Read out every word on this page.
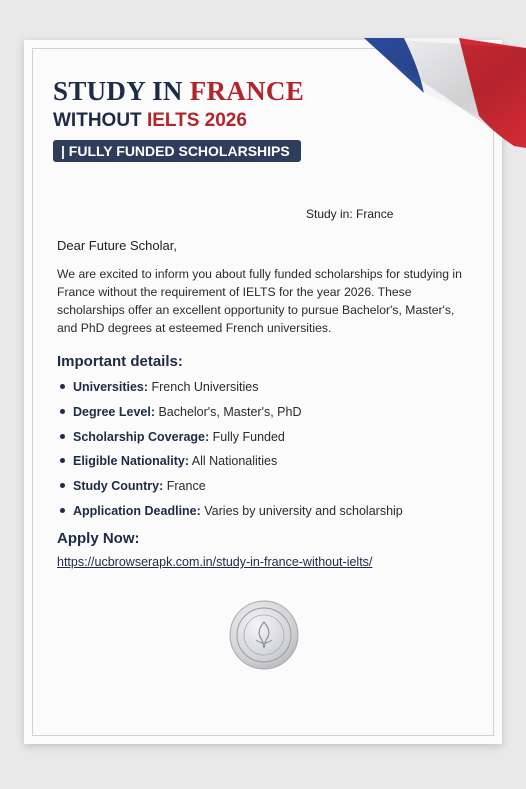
STUDY IN FRANCE
WITHOUT IELTS 2026
| FULLY FUNDED SCHOLARSHIPS
Study in: France
Dear Future Scholar,
We are excited to inform you about fully funded scholarships for studying in France without the requirement of IELTS for the year 2026. These scholarships offer an excellent opportunity to pursue Bachelor's, Master's, and PhD degrees at esteemed French universities.
Important details:
Universities: French Universities
Degree Level: Bachelor's, Master's, PhD
Scholarship Coverage: Fully Funded
Eligible Nationality: All Nationalities
Study Country: France
Application Deadline: Varies by university and scholarship
Apply Now:
https://ucbrowserapk.com.in/study-in-france-without-ielts/
